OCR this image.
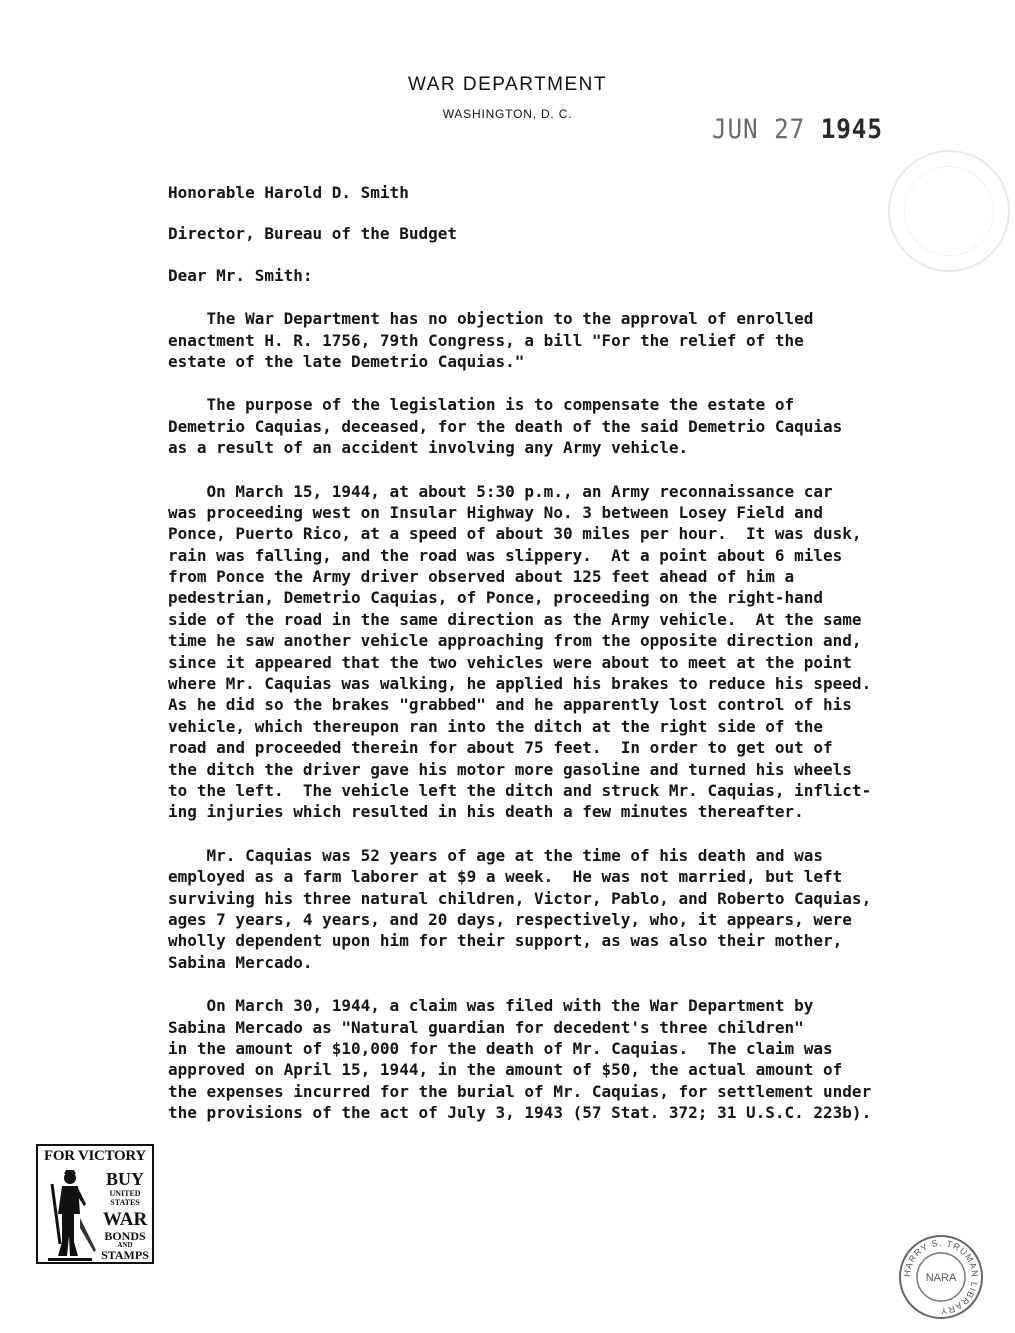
WAR DEPARTMENT
WASHINGTON, D. C.	JUN 27 1945
Honorable Harold D. Smith
Director, Bureau of the Budget
Dear Mr. Smith:
The War Department has no objection to the approval of enrolled
enactment H. R. 1756, 79th Congress, a bill "For the relief of the
estate of the late Demetrio Caquias."
The purpose of the legislation is to compensate the estate of
Demetrio Caquias, deceased, for the death of the said Demetrio Caquias
as a result of an accident involving any Army vehicle.
On March 15, 1944, at about 5:30 p.m., an Army reconnaissance car
was proceeding west on Insular Highway No. 3 between Losey Field and
Ponce, Puerto Rico, at a speed of about 30 miles per hour.  It was dusk,
rain was falling, and the road was slippery.  At a point about 6 miles
from Ponce the Army driver observed about 125 feet ahead of him a
pedestrian, Demetrio Caquias, of Ponce, proceeding on the right-hand
side of the road in the same direction as the Army vehicle.  At the same
time he saw another vehicle approaching from the opposite direction and,
since it appeared that the two vehicles were about to meet at the point
where Mr. Caquias was walking, he applied his brakes to reduce his speed.
As he did so the brakes "grabbed" and he apparently lost control of his
vehicle, which thereupon ran into the ditch at the right side of the
road and proceeded therein for about 75 feet.  In order to get out of
the ditch the driver gave his motor more gasoline and turned his wheels
to the left.  The vehicle left the ditch and struck Mr. Caquias, inflict-
ing injuries which resulted in his death a few minutes thereafter.
Mr. Caquias was 52 years of age at the time of his death and was
employed as a farm laborer at $9 a week.  He was not married, but left
surviving his three natural children, Victor, Pablo, and Roberto Caquias,
ages 7 years, 4 years, and 20 days, respectively, who, it appears, were
wholly dependent upon him for their support, as was also their mother,
Sabina Mercado.
On March 30, 1944, a claim was filed with the War Department by
Sabina Mercado as "Natural guardian for decedent's three children"
in the amount of $10,000 for the death of Mr. Caquias.  The claim was
approved on April 15, 1944, in the amount of $50, the actual amount of
the expenses incurred for the burial of Mr. Caquias, for settlement under
the provisions of the act of July 3, 1943 (57 Stat. 372; 31 U.S.C. 223b).
FOR VICTORY
BUY
UNITED
STATES
WAR
BONDS
AND
STAMPS
HARRY S. TRUMAN LIBRARY
NARA
